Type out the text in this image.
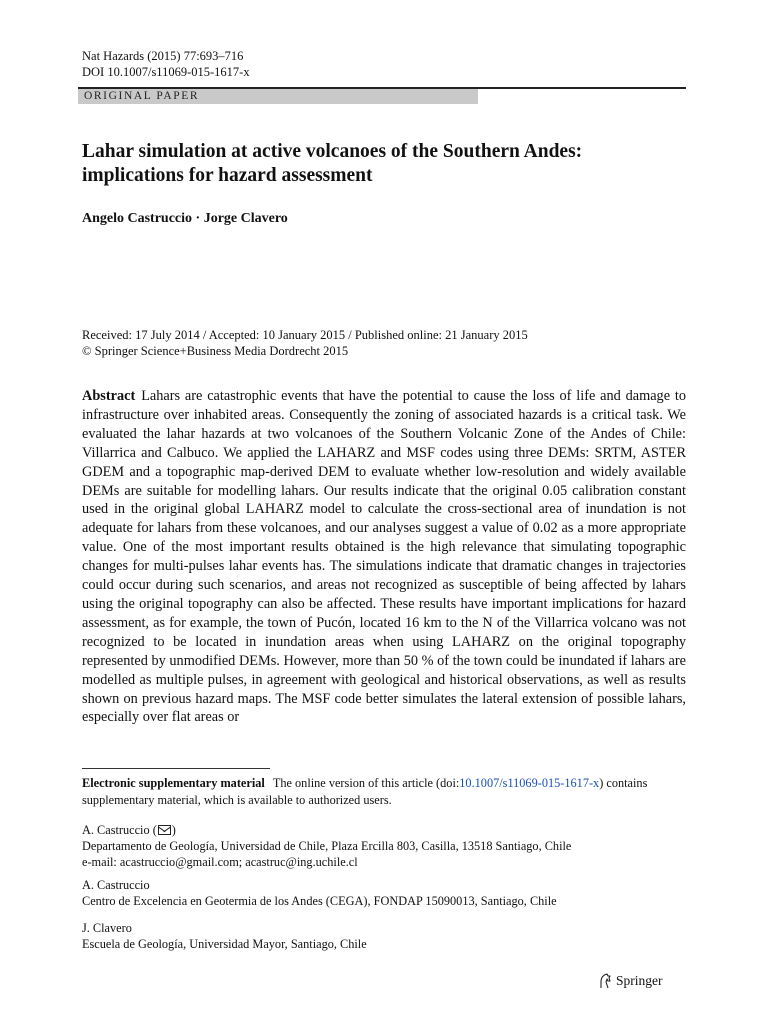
Nat Hazards (2015) 77:693–716
DOI 10.1007/s11069-015-1617-x
ORIGINAL PAPER
Lahar simulation at active volcanoes of the Southern Andes: implications for hazard assessment
Angelo Castruccio · Jorge Clavero
Received: 17 July 2014 / Accepted: 10 January 2015 / Published online: 21 January 2015
© Springer Science+Business Media Dordrecht 2015

Abstract Lahars are catastrophic events that have the potential to cause the loss of life and damage to infrastructure over inhabited areas. Consequently the zoning of associated hazards is a critical task. We evaluated the lahar hazards at two volcanoes of the Southern Volcanic Zone of the Andes of Chile: Villarrica and Calbuco. We applied the LAHARZ and MSF codes using three DEMs: SRTM, ASTER GDEM and a topographic map-derived DEM to evaluate whether low-resolution and widely available DEMs are suitable for modelling lahars. Our results indicate that the original 0.05 calibration constant used in the original global LAHARZ model to calculate the cross-sectional area of inundation is not adequate for lahars from these volcanoes, and our analyses suggest a value of 0.02 as a more appropriate value. One of the most important results obtained is the high relevance that simulating topographic changes for multi-pulses lahar events has. The simulations indicate that dramatic changes in trajectories could occur during such scenarios, and areas not recognized as susceptible of being affected by lahars using the original topography can also be affected. These results have important implications for hazard assessment, as for example, the town of Pucón, located 16 km to the N of the Villarrica volcano was not recognized to be located in inundation areas when using LAHARZ on the original topography represented by unmodified DEMs. However, more than 50 % of the town could be inundated if lahars are modelled as multiple pulses, in agreement with geological and historical observations, as well as results shown on previous hazard maps. The MSF code better simulates the lateral extension of possible lahars, especially over flat areas or

Electronic supplementary material The online version of this article (doi:10.1007/s11069-015-1617-x) contains supplementary material, which is available to authorized users.
A. Castruccio ( )
Departamento de Geología, Universidad de Chile, Plaza Ercilla 803, Casilla, 13518 Santiago, Chile
e-mail: acastruccio@gmail.com; acastruc@ing.uchile.cl
A. Castruccio
Centro de Excelencia en Geotermia de los Andes (CEGA), FONDAP 15090013, Santiago, Chile
J. Clavero
Escuela de Geología, Universidad Mayor, Santiago, Chile
Springer
